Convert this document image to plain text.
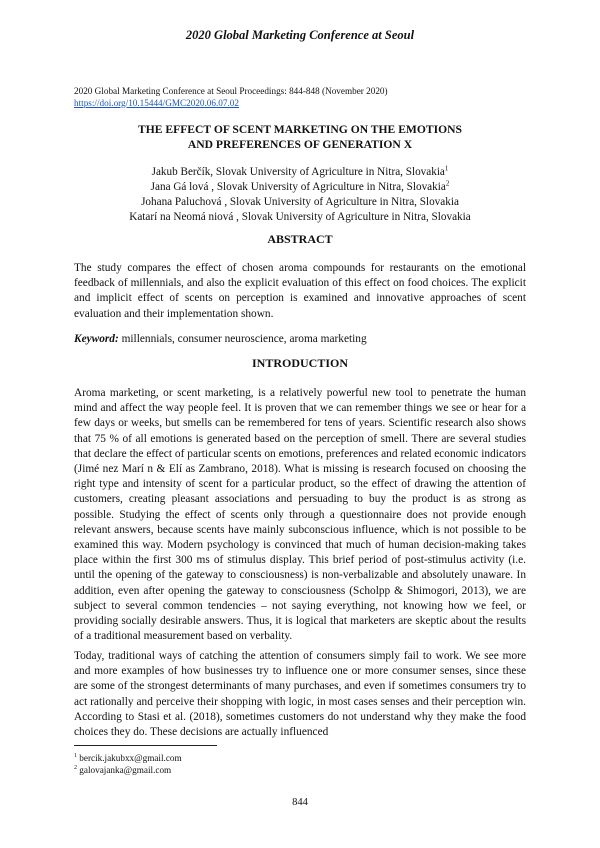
2020 Global Marketing Conference at Seoul
2020 Global Marketing Conference at Seoul Proceedings: 844-848 (November 2020)
https://doi.org/10.15444/GMC2020.06.07.02
THE EFFECT OF SCENT MARKETING ON THE EMOTIONS
AND PREFERENCES OF GENERATION X
Jakub Berčík, Slovak University of Agriculture in Nitra, Slovakia$^1$
Jana Gá lová , Slovak University of Agriculture in Nitra, Slovakia$^2$
Johana Paluchová , Slovak University of Agriculture in Nitra, Slovakia
Katarí na Neomá niová , Slovak University of Agriculture in Nitra, Slovakia
ABSTRACT
The study compares the effect of chosen aroma compounds for restaurants on the emotional feedback of millennials, and also the explicit evaluation of this effect on food choices. The explicit and implicit effect of scents on perception is examined and innovative approaches of scent evaluation and their implementation shown.
Keyword: millennials, consumer neuroscience, aroma marketing
INTRODUCTION
Aroma marketing, or scent marketing, is a relatively powerful new tool to penetrate the human mind and affect the way people feel. It is proven that we can remember things we see or hear for a few days or weeks, but smells can be remembered for tens of years. Scientific research also shows that 75 % of all emotions is generated based on the perception of smell. There are several studies that declare the effect of particular scents on emotions, preferences and related economic indicators (Jimé nez Marí n & Elí as Zambrano, 2018). What is missing is research focused on choosing the right type and intensity of scent for a particular product, so the effect of drawing the attention of customers, creating pleasant associations and persuading to buy the product is as strong as possible. Studying the effect of scents only through a questionnaire does not provide enough relevant answers, because scents have mainly subconscious influence, which is not possible to be examined this way. Modern psychology is convinced that much of human decision-making takes place within the first 300 ms of stimulus display. This brief period of post-stimulus activity (i.e. until the opening of the gateway to consciousness) is non-verbalizable and absolutely unaware. In addition, even after opening the gateway to consciousness (Scholpp & Shimogori, 2013), we are subject to several common tendencies – not saying everything, not knowing how we feel, or providing socially desirable answers. Thus, it is logical that marketers are skeptic about the results of a traditional measurement based on verbality.
Today, traditional ways of catching the attention of consumers simply fail to work. We see more and more examples of how businesses try to influence one or more consumer senses, since these are some of the strongest determinants of many purchases, and even if sometimes consumers try to act rationally and perceive their shopping with logic, in most cases senses and their perception win. According to Stasi et al. (2018), sometimes customers do not understand why they make the food choices they do. These decisions are actually influenced
$^1$ bercik.jakubxx@gmail.com
$^2$ galovajanka@gmail.com
844
